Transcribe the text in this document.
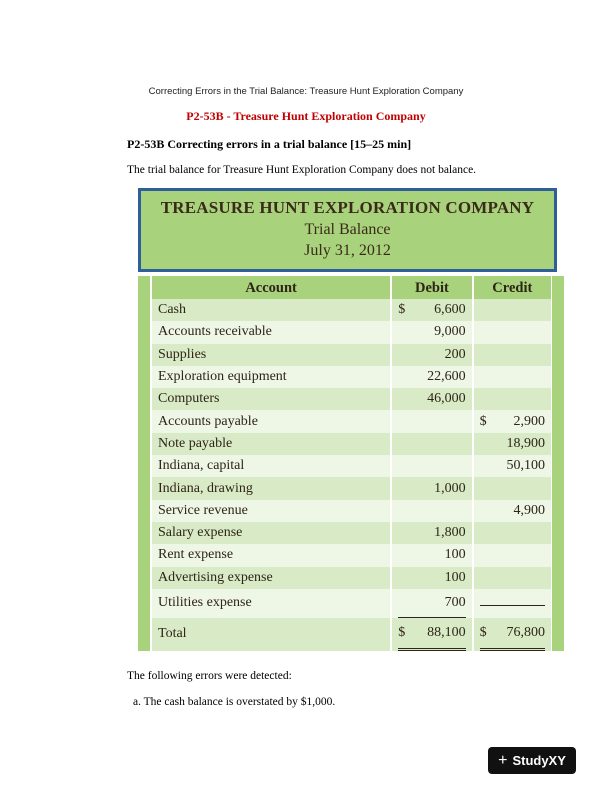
Correcting Errors in the Trial Balance: Treasure Hunt Exploration Company
P2-53B - Treasure Hunt Exploration Company
P2-53B Correcting errors in a trial balance [15–25 min]
The trial balance for Treasure Hunt Exploration Company does not balance.
TREASURE HUNT EXPLORATION COMPANY
Trial Balance
July 31, 2012
Account	Debit	Credit
Cash	$ 6,600	

Accounts receivable	9,000	

Supplies	200	

Exploration equipment	22,600	

Computers	46,000	

Accounts payable		$ 2,900

Note payable		18,900

Indiana, capital		50,100

Indiana, drawing	1,000	

Service revenue		4,900

Salary expense	1,800	

Rent expense	100	

Advertising expense	100	

Utilities expense	700	
Total	$ 88,100	$ 76,800
The following errors were detected:
a. The cash balance is overstated by $1,000.
+ StudyXY
